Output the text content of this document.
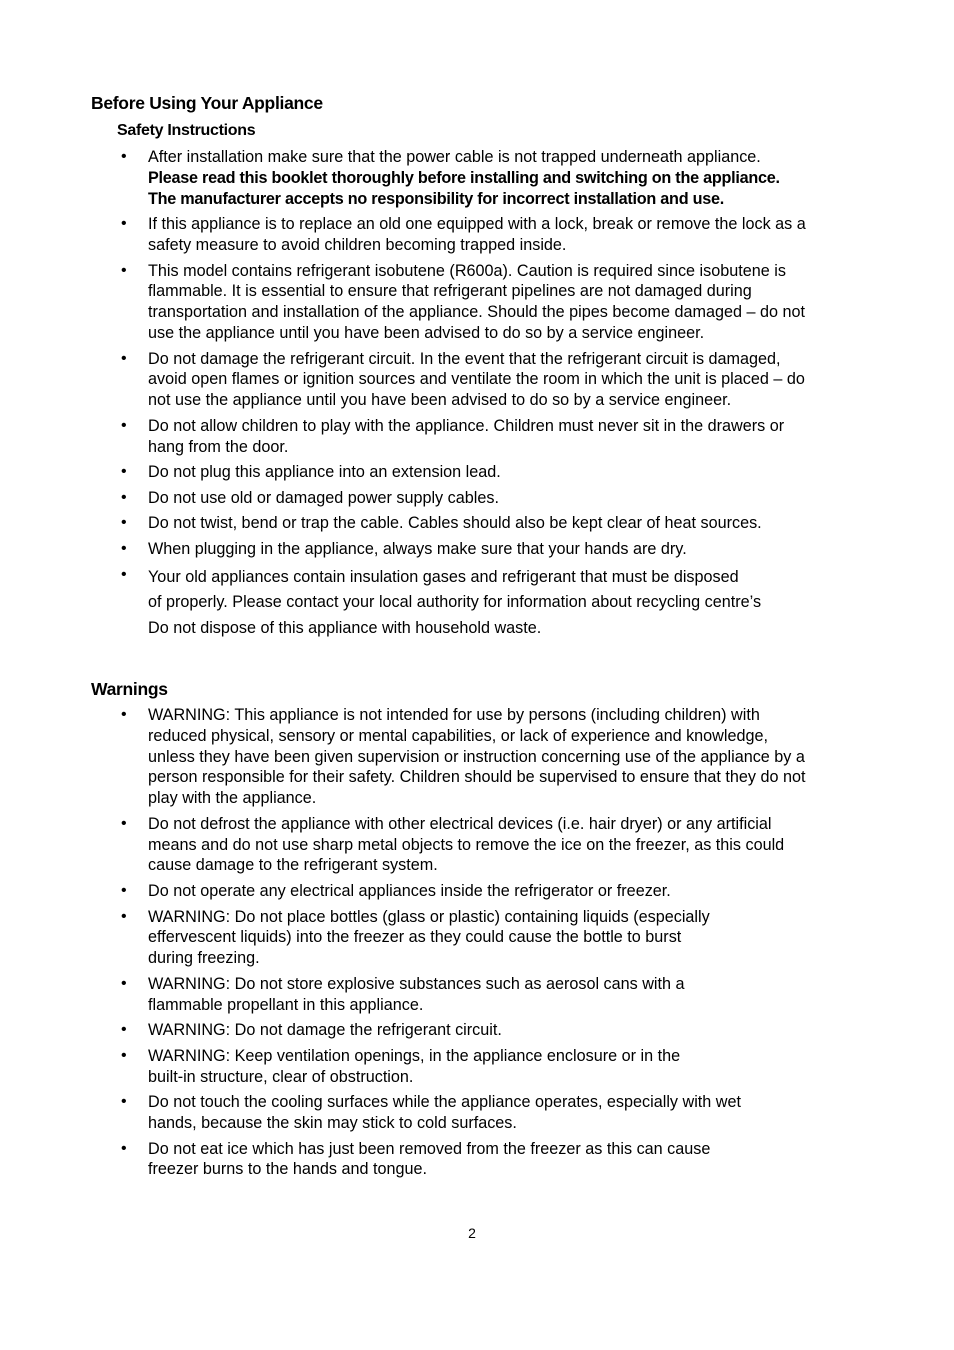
Before Using Your Appliance
Safety Instructions
• After installation make sure that the power cable is not trapped underneath appliance.
Please read this booklet thoroughly before installing and switching on the appliance.
The manufacturer accepts no responsibility for incorrect installation and use.
• If this appliance is to replace an old one equipped with a lock, break or remove the lock as a
safety measure to avoid children becoming trapped inside.
• This model contains refrigerant isobutene (R600a). Caution is required since isobutene is
flammable. It is essential to ensure that refrigerant pipelines are not damaged during
transportation and installation of the appliance. Should the pipes become damaged – do not
use the appliance until you have been advised to do so by a service engineer.
• Do not damage the refrigerant circuit. In the event that the refrigerant circuit is damaged,
avoid open flames or ignition sources and ventilate the room in which the unit is placed – do
not use the appliance until you have been advised to do so by a service engineer.
• Do not allow children to play with the appliance. Children must never sit in the drawers or
hang from the door.
• Do not plug this appliance into an extension lead.
• Do not use old or damaged power supply cables.
• Do not twist, bend or trap the cable. Cables should also be kept clear of heat sources.
• When plugging in the appliance, always make sure that your hands are dry.
• Your old appliances contain insulation gases and refrigerant that must be disposed
of properly. Please contact your local authority for information about recycling centre’s
Do not dispose of this appliance with household waste.
Warnings
• WARNING: This appliance is not intended for use by persons (including children) with
reduced physical, sensory or mental capabilities, or lack of experience and knowledge,
unless they have been given supervision or instruction concerning use of the appliance by a
person responsible for their safety. Children should be supervised to ensure that they do not
play with the appliance.
• Do not defrost the appliance with other electrical devices (i.e. hair dryer) or any artificial
means and do not use sharp metal objects to remove the ice on the freezer, as this could
cause damage to the refrigerant system.
• Do not operate any electrical appliances inside the refrigerator or freezer.
• WARNING: Do not place bottles (glass or plastic) containing liquids (especially
effervescent liquids) into the freezer as they could cause the bottle to burst
during freezing.
• WARNING: Do not store explosive substances such as aerosol cans with a
flammable propellant in this appliance.
• WARNING: Do not damage the refrigerant circuit.
• WARNING: Keep ventilation openings, in the appliance enclosure or in the
built-in structure, clear of obstruction.
• Do not touch the cooling surfaces while the appliance operates, especially with wet
hands, because the skin may stick to cold surfaces.
• Do not eat ice which has just been removed from the freezer as this can cause
freezer burns to the hands and tongue.
2
